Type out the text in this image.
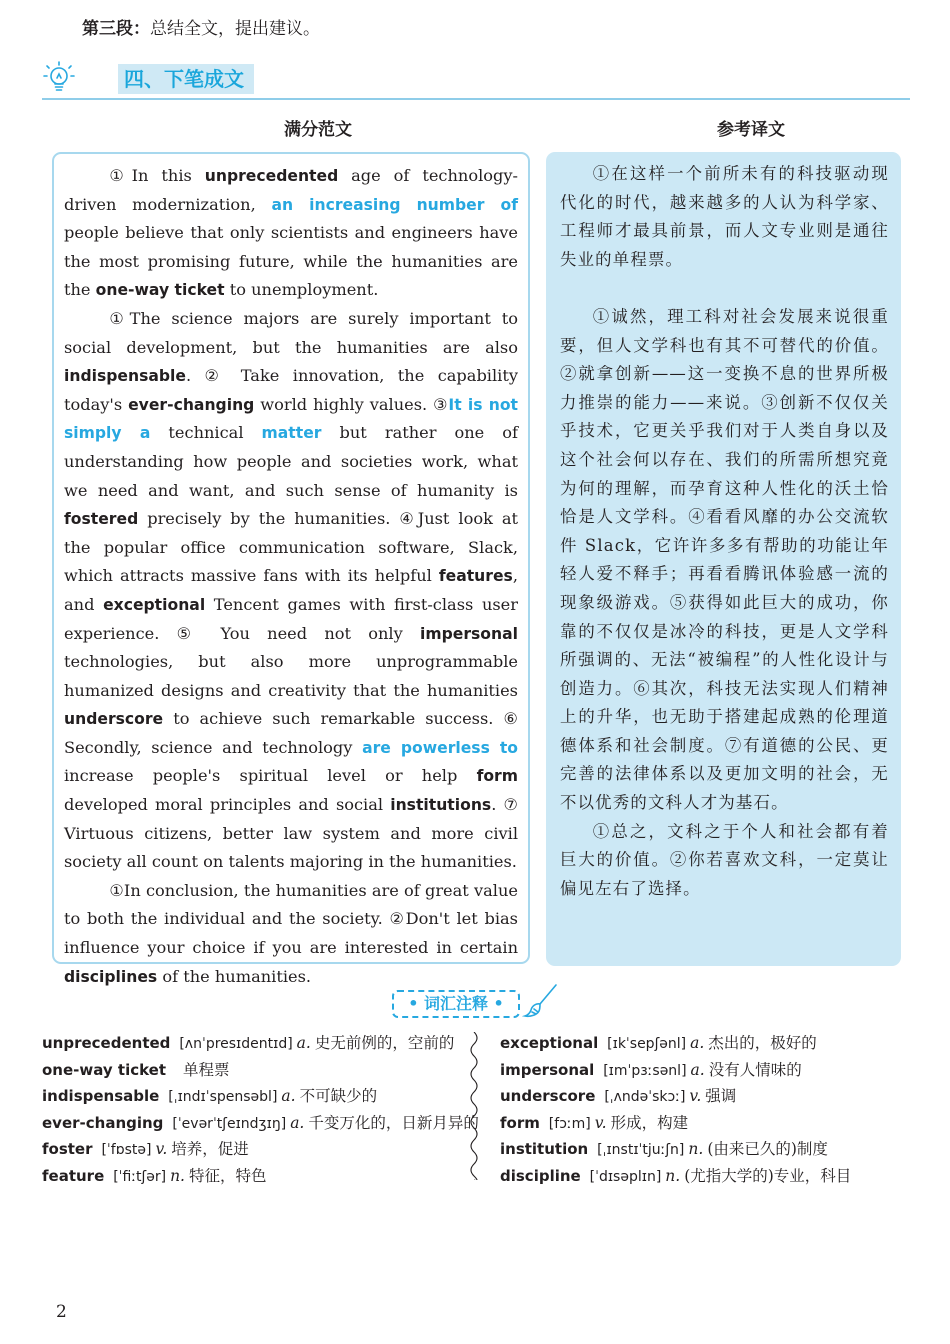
第三段：总结全文，提出建议。
四、下笔成文
满分范文	参考译文

①In this unprecedented age of technology-driven modernization, an increasing number of people believe that only scientists and engineers have the most promising future, while the humanities are the one-way ticket to unemployment.

①The science majors are surely important to social development, but the humanities are also indispensable. ② Take innovation, the capability today's ever-changing world highly values. ③It is not simply a technical matter but rather one of understanding how people and societies work, what we need and want, and such sense of humanity is fostered precisely by the humanities. ④Just look at the popular office communication software, Slack, which attracts massive fans with its helpful features, and exceptional Tencent games with first-class user experience. ⑤ You need not only impersonal technologies, but also more unprogrammable humanized designs and creativity that the humanities underscore to achieve such remarkable success. ⑥ Secondly, science and technology are powerless to increase people's spiritual level or help form developed moral principles and social institutions. ⑦ Virtuous citizens, better law system and more civil society all count on talents majoring in the humanities.

①In conclusion, the humanities are of great value to both the individual and the society. ②Don't let bias influence your choice if you are interested in certain disciplines of the humanities.

①在这样一个前所未有的科技驱动现代化的时代，越来越多的人认为科学家、工程师才最具前景，而人文专业则是通往失业的单程票。

①诚然，理工科对社会发展来说很重要，但人文学科也有其不可替代的价值。②就拿创新——这一变换不息的世界所极力推崇的能力——来说。③创新不仅仅关乎技术，它更关乎我们对于人类自身以及这个社会何以存在、我们的所需所想究竟为何的理解，而孕育这种人性化的沃土恰恰是人文学科。④看看风靡的办公交流软件 Slack，它许许多多有帮助的功能让年轻人爱不释手；再看看腾讯体验感一流的现象级游戏。⑤获得如此巨大的成功，你靠的不仅仅是冰冷的科技，更是人文学科所强调的、无法“被编程”的人性化设计与创造力。⑥其次，科技无法实现人们精神上的升华，也无助于搭建起成熟的伦理道德体系和社会制度。⑦有道德的公民、更完善的法律体系以及更加文明的社会，无不以优秀的文科人才为基石。

①总之，文科之于个人和社会都有着巨大的价值。②你若喜欢文科，一定莫让偏见左右了选择。

• 词汇注释 •
unprecedented [ʌnˈpresɪdentɪd] a. 史无前例的，空前的
one-way ticket 单程票
indispensable [ˌɪndɪˈspensəbl] a. 不可缺少的
ever-changing [ˈevərˈtʃeɪndʒɪŋ] a. 千变万化的，日新月异的
foster [ˈfɒstə] v. 培养，促进
feature [ˈfiːtʃər] n. 特征，特色
exceptional [ɪkˈsepʃənl] a. 杰出的，极好的
impersonal [ɪmˈpɜːsənl] a. 没有人情味的
underscore [ˌʌndəˈskɔː] v. 强调
form [fɔːm] v. 形成，构建
institution [ˌɪnstɪˈtjuːʃn] n. (由来已久的)制度
discipline [ˈdɪsəplɪn] n. (尤指大学的)专业，科目
2
